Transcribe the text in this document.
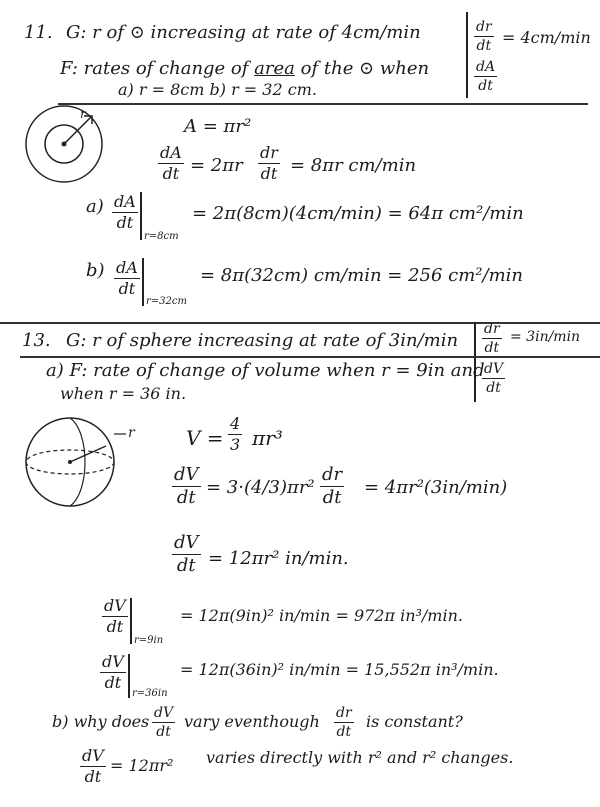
11. G: r of ⊙ increasing at rate of 4cm/min	$\frac{dr}{dt} = 4cm/\min$
F: rates of change of area of the ⊙ when
a) r = 8cm b) r = 32 cm.	$\frac{dA}{dt}$
r
A = πr²
$\frac{dA}{dt} = 2\pi r \frac{dr}{dt} = 8\pi r$ cm/min
$a) \frac{dA}{dt}$
r=8cm
= 2π(8cm)(4cm/min) = 64π cm²/min
$b) \frac{dA}{dt}$
r=32cm
= 8π(32cm) cm/min = 256 cm²/min
13. G: r of sphere increasing at rate of $3in/\min \frac{dr}{dt} = 3in/\min$
a) F: rate of change of volume when r = 9in and
when r = 36 in.	$\frac{dV}{dt}$
r	$V = \frac{4}{3} \pi r^3$
$\frac{dV}{dt} = 3\cdot(4/3)\pi r^2 \frac{dr}{dt} = 4\pi r^2(3in/\min)$
$\frac{dV}{dt} = 12\pi r^2$ in/min.
$\frac{dV}{dt}$
r=9in
= 12π(9in)² in/min = 972π in³/min.
$\frac{dV}{dt}$
r=36in
= 12π(36in)² in/min = 15,552π in³/min.
b) why does $\frac{dV}{dt}$ vary eventhough $\frac{dr}{dt}$ is constant?
$\frac{dV}{dt} = 12\pi r^2$ varies directly with r² and r² changes.
